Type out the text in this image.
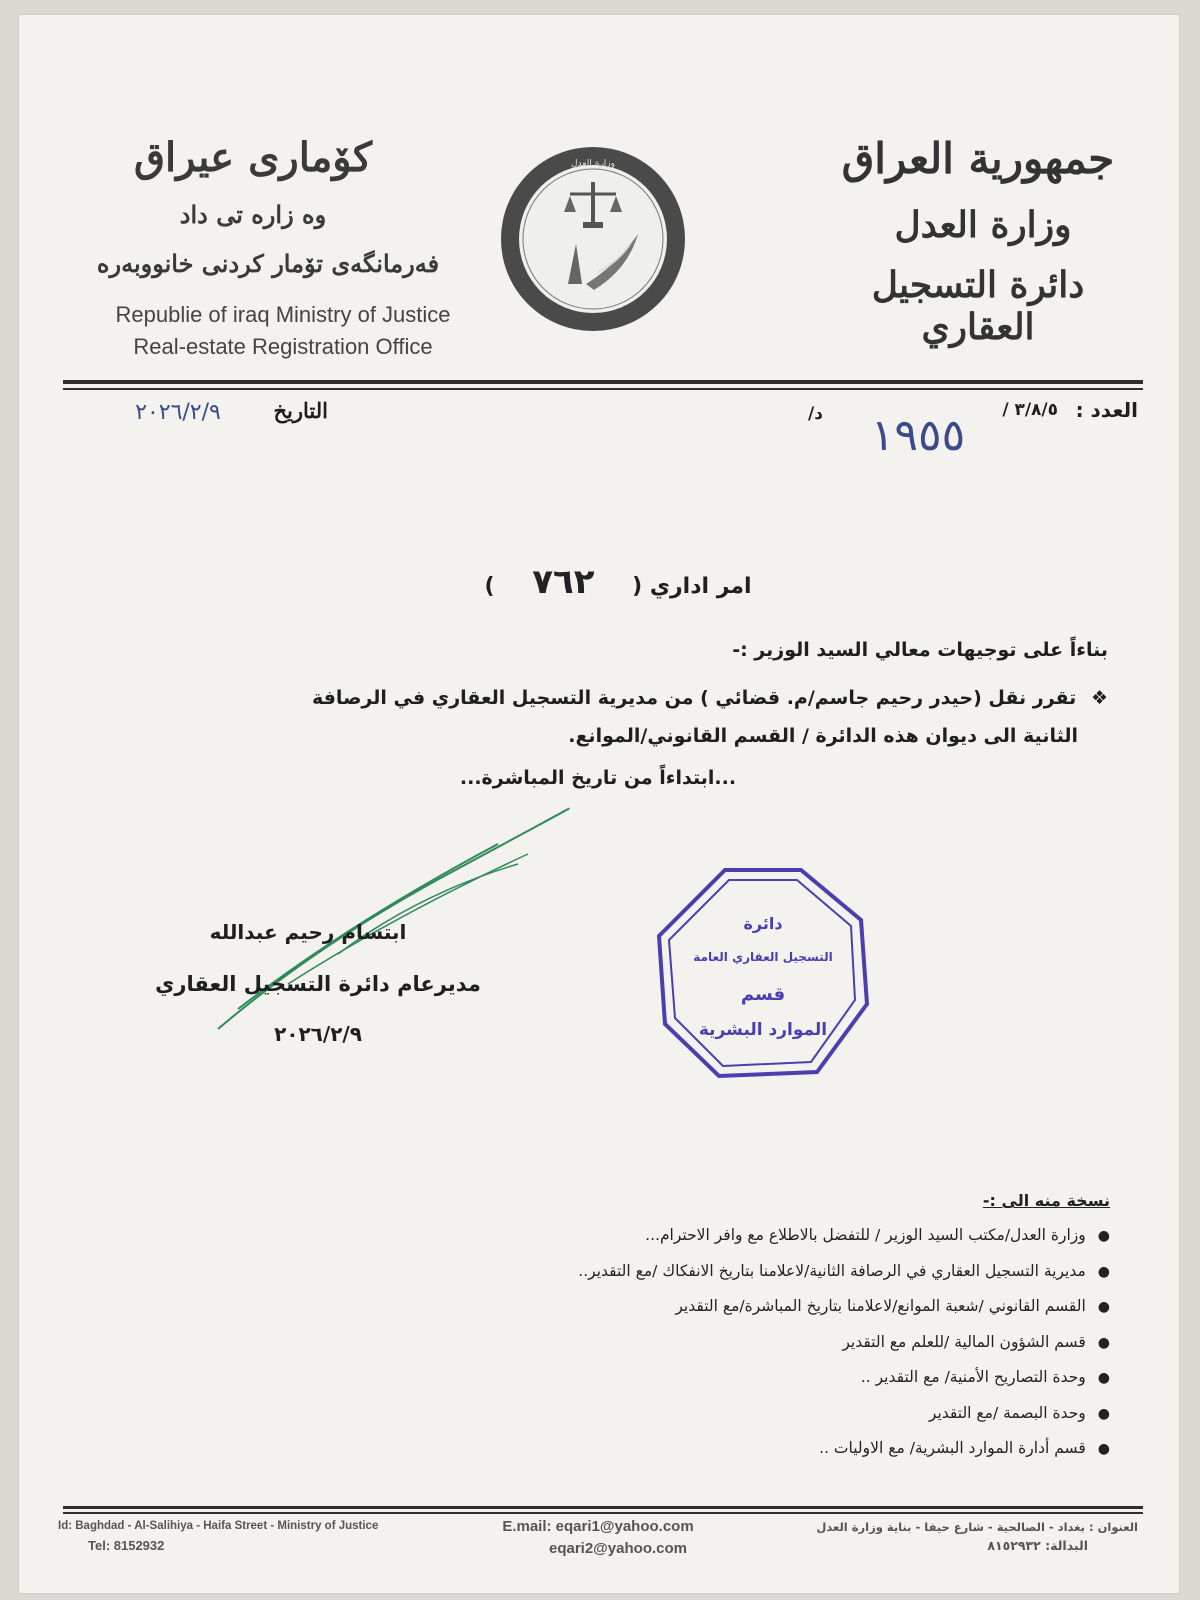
کۆماری عیراق
وه زاره تی داد
فەرمانگەی تۆمار کردنی خانووبەرە
Republie of iraq Ministry of Justice
Real-estate Registration Office
وزارة العدل	جمهورية العراق
وزارة العدل
دائرة التسجيل العقاري
العدد :
٣/٨/٥ /
/د	١٩٥٥
التاريخ
٢٠٢٦/٢/٩
امر اداري ( ٧٦٢ )
بناءاً على توجيهات معالي السيد الوزير :-
❖ تقرر نقل (حيدر رحيم جاسم/م. قضائي ) من مديرية التسجيل العقاري في الرصافة
الثانية الى ديوان هذه الدائرة / القسم القانوني/الموانع.
...ابتداءاً من تاريخ المباشرة...
ابتسام رحيم عبدالله
مديرعام دائرة التسجيل العقاري
٢٠٢٦/٢/٩
دائرة
التسجيل العقاري العامة
قسم
الموارد البشرية
نسخة منه الى :-
●وزارة العدل/مكتب السيد الوزير / للتفضل بالاطلاع مع وافر الاحترام...
●مديرية التسجيل العقاري في الرصافة الثانية/لاعلامنا بتاريخ الانفكاك /مع التقدير..
●القسم القانوني /شعبة الموانع/لاعلامنا بتاريخ المباشرة/مع التقدير
●قسم الشؤون المالية /للعلم مع التقدير
●وحدة التصاريح الأمنية/ مع التقدير ..
●وحدة البصمة /مع التقدير
●قسم أدارة الموارد البشرية/ مع الاوليات ..
Id: Baghdad - Al-Salihiya - Haifa Street - Ministry of Justice
Tel: 8152932
E.mail: eqari1@yahoo.com
eqari2@yahoo.com
العنوان : بغداد - الصالحية - شارع حيفا - بناية وزارة العدل
البدالة: ٨١٥٢٩٣٢
